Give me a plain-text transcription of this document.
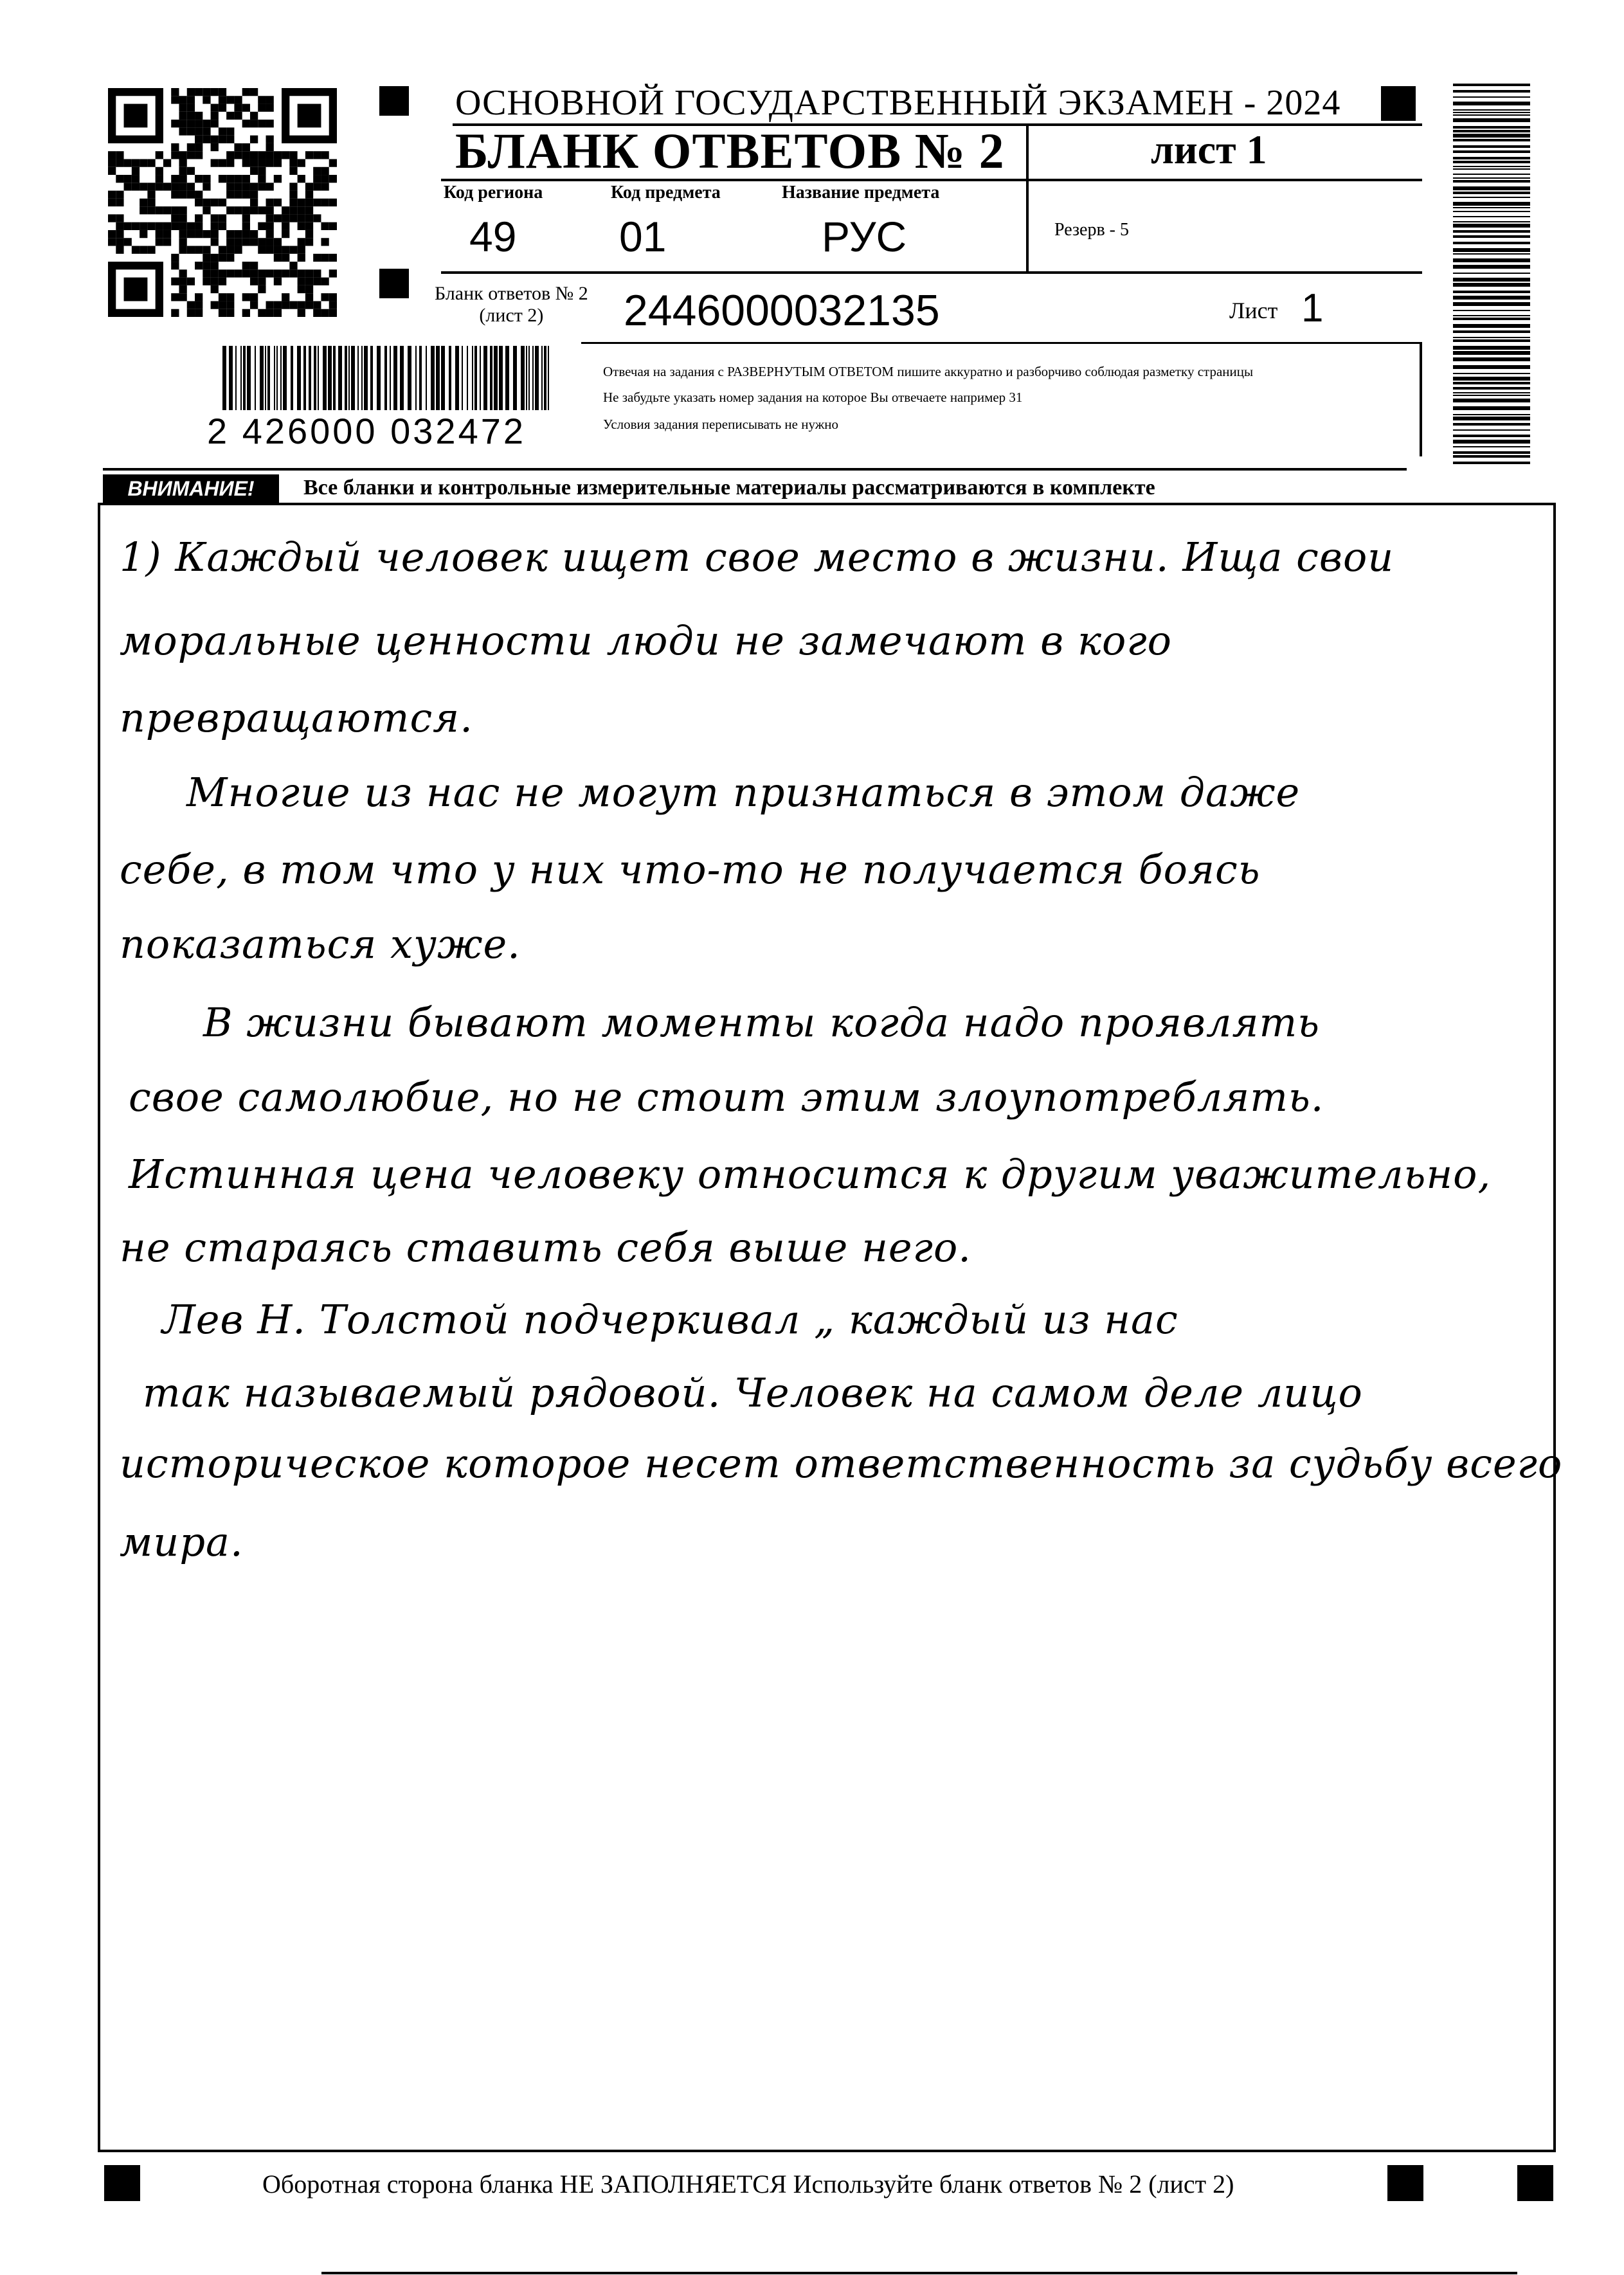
ОСНОВНОЙ ГОСУДАРСТВЕННЫЙ ЭКЗАМЕН - 2024
БЛАНК ОТВЕТОВ № 2	лист 1
Код региона	Код предмета	Название предмета
49 01	РУС	Резерв - 5
Бланк ответов № 2
(лист 2)	2446000032135	Лист 1
Отвечая на задания с РАЗВЕРНУТЫМ ОТВЕТОМ пишите аккуратно и разборчиво соблюдая разметку страницы
Не забудьте указать номер задания на которое Вы отвечаете например 31
Условия задания переписывать не нужно
2 426000 032472
ВНИМАНИЕ!	Все бланки и контрольные измерительные материалы рассматриваются в комплекте
1) Каждый человек ищет свое место в жизни. Ища свои
моральные ценности люди не замечают в кого
превращаются.
Многие из нас не могут признаться в этом даже
себе, в том что у них что-то не получается боясь
показаться хуже.
В жизни бывают моменты когда надо проявлять
свое самолюбие, но не стоит этим злоупотреблять.
Истинная цена человеку относится к другим уважительно,
не стараясь ставить себя выше него.
Лев Н. Толстой подчеркивал „ каждый из нас
так называемый рядовой. Человек на самом деле лицо
историческое которое несет ответственность за судьбу всего
мира.
Оборотная сторона бланка НЕ ЗАПОЛНЯЕТСЯ Используйте бланк ответов № 2 (лист 2)
